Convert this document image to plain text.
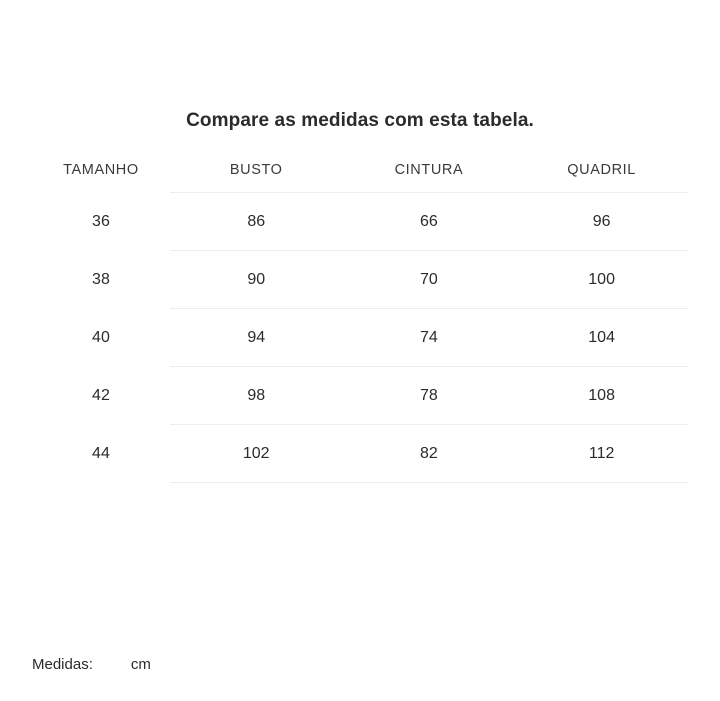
Compare as medidas com esta tabela.
TAMANHO	BUSTO	CINTURA	QUADRIL
36	86	66	96
38	90	70	100
40	94	74	104
42	98	78	108
44	102	82	112
Medidas:	cm
